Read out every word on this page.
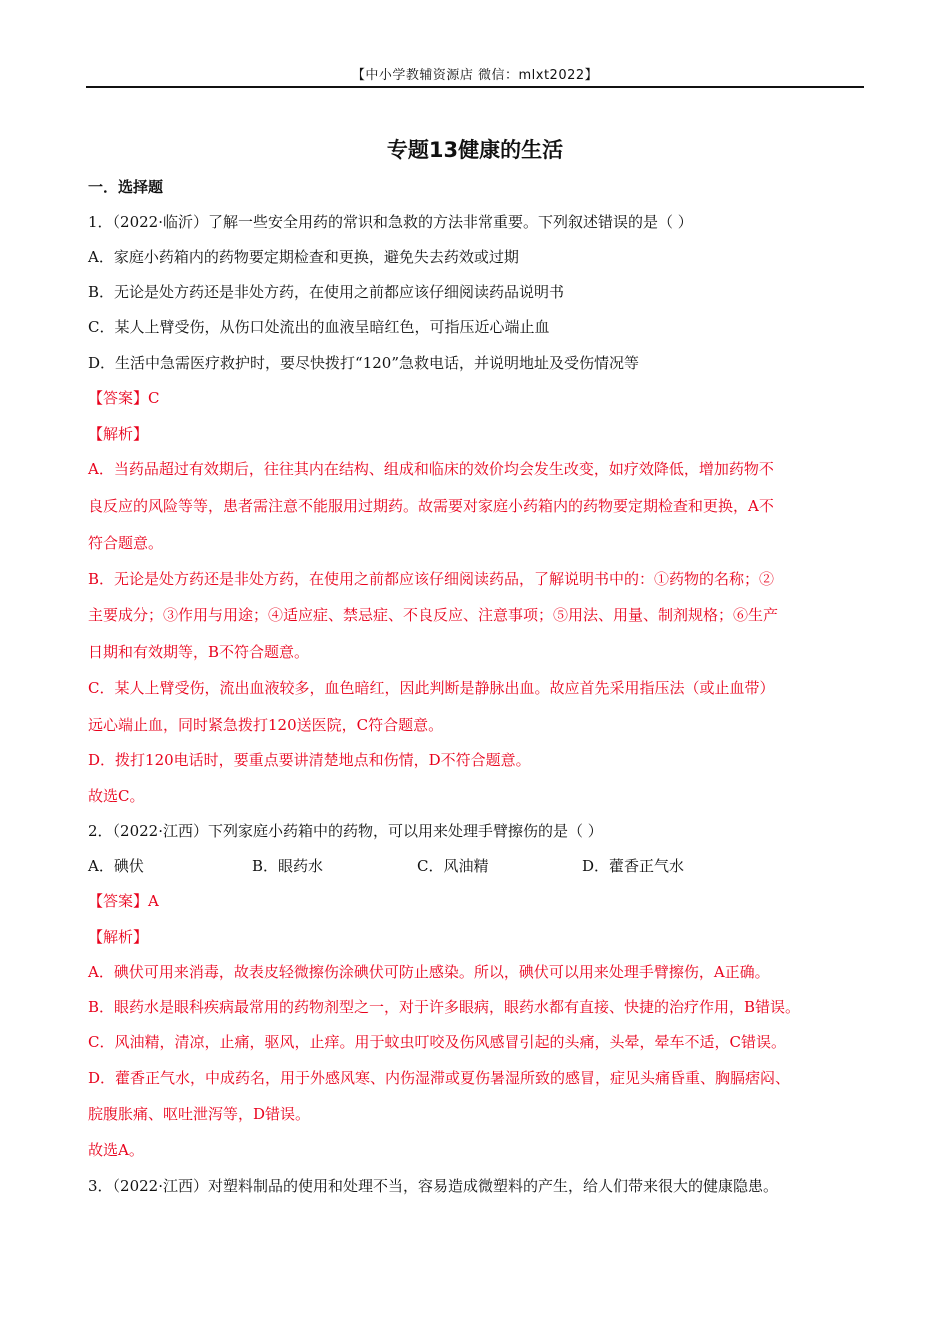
【中小学教辅资源店 微信：mlxt2022】
专题13健康的生活
一．选择题
1．（2022·临沂）了解一些安全用药的常识和急救的方法非常重要。下列叙述错误的是（ ）
A．家庭小药箱内的药物要定期检查和更换，避免失去药效或过期
B．无论是处方药还是非处方药，在使用之前都应该仔细阅读药品说明书
C．某人上臂受伤，从伤口处流出的血液呈暗红色，可指压近心端止血
D．生活中急需医疗救护时，要尽快拨打“120”急救电话，并说明地址及受伤情况等
【答案】C
【解析】
A．当药品超过有效期后，往往其内在结构、组成和临床的效价均会发生改变，如疗效降低，增加药物不
良反应的风险等等，患者需注意不能服用过期药。故需要对家庭小药箱内的药物要定期检查和更换，A不
符合题意。
B．无论是处方药还是非处方药，在使用之前都应该仔细阅读药品，了解说明书中的：①药物的名称；②
主要成分；③作用与用途；④适应症、禁忌症、不良反应、注意事项；⑤用法、用量、制剂规格；⑥生产
日期和有效期等，B不符合题意。
C．某人上臂受伤，流出血液较多，血色暗红，因此判断是静脉出血。故应首先采用指压法（或止血带）
远心端止血，同时紧急拨打120送医院，C符合题意。
D．拨打120电话时，要重点要讲清楚地点和伤情，D不符合题意。
故选C。
2．（2022·江西）下列家庭小药箱中的药物，可以用来处理手臂擦伤的是（ ）
A．碘伏	B．眼药水	C．风油精	D．藿香正气水
【答案】A
【解析】
A．碘伏可用来消毒，故表皮轻微擦伤涂碘伏可防止感染。所以，碘伏可以用来处理手臂擦伤，A正确。
B．眼药水是眼科疾病最常用的药物剂型之一，对于许多眼病，眼药水都有直接、快捷的治疗作用，B错误。
C．风油精，清凉，止痛，驱风，止痒。用于蚊虫叮咬及伤风感冒引起的头痛，头晕，晕车不适，C错误。
D．藿香正气水，中成药名，用于外感风寒、内伤湿滞或夏伤暑湿所致的感冒，症见头痛昏重、胸膈痞闷、
脘腹胀痛、呕吐泄泻等，D错误。
故选A。
3．（2022·江西）对塑料制品的使用和处理不当，容易造成微塑料的产生，给人们带来很大的健康隐患。
